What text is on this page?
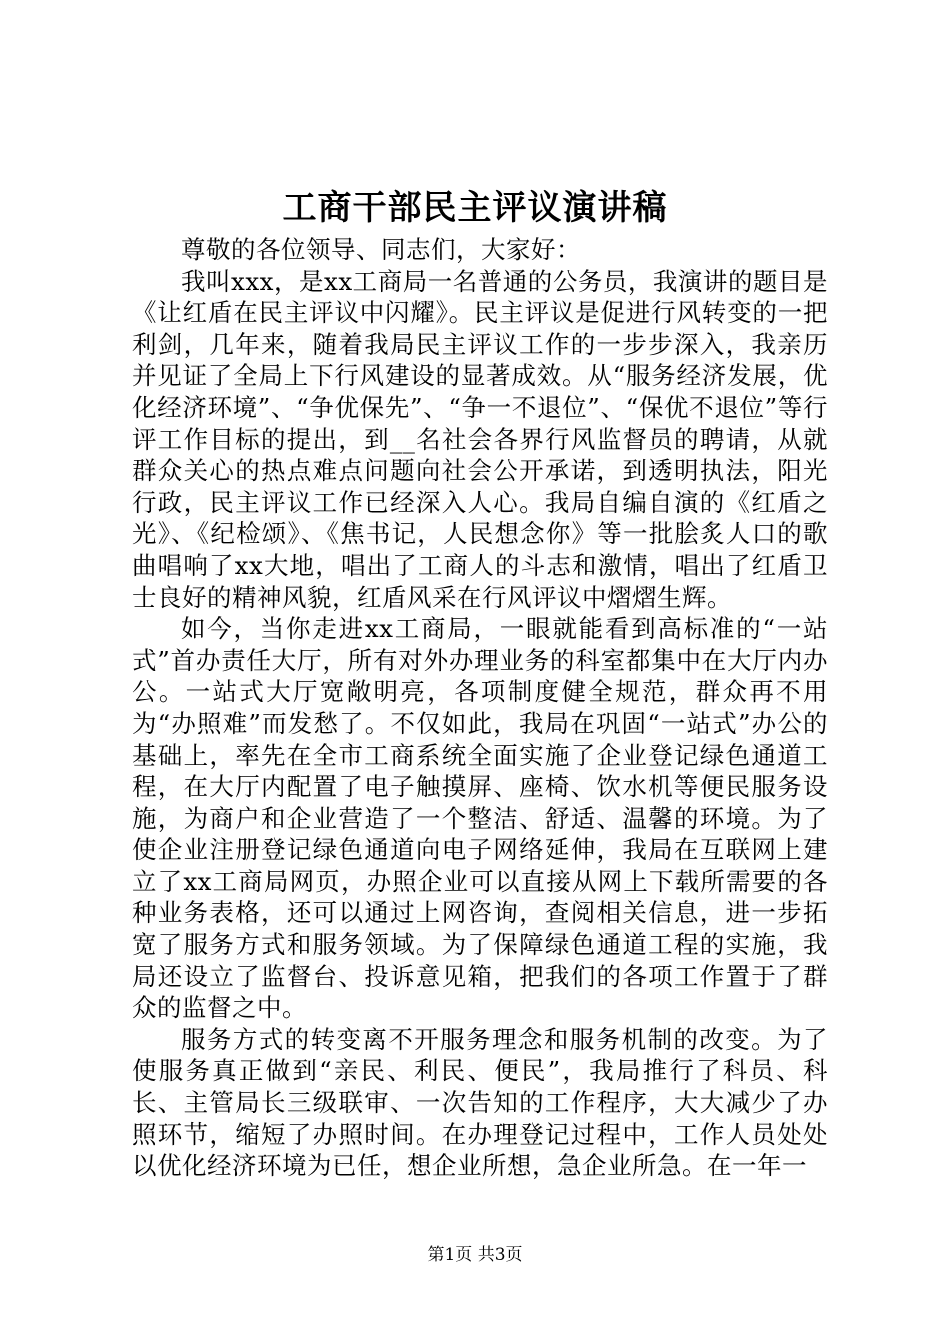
工商干部民主评议演讲稿

尊敬的各位领导、同志们，大家好：

我叫xxx，是xx工商局一名普通的公务员，我演讲的题目是《让红盾在民主评议中闪耀》。民主评议是促进行风转变的一把利剑，几年来，随着我局民主评议工作的一步步深入，我亲历并见证了全局上下行风建设的显著成效。从“服务经济发展，优化经济环境”、“争优保先”、“争一不退位”、“保优不退位”等行评工作目标的提出，到__名社会各界行风监督员的聘请，从就群众关心的热点难点问题向社会公开承诺，到透明执法，阳光行政，民主评议工作已经深入人心。我局自编自演的《红盾之光》、《纪检颂》、《焦书记，人民想念你》等一批脍炙人口的歌曲唱响了xx大地，唱出了工商人的斗志和激情，唱出了红盾卫士良好的精神风貌，红盾风采在行风评议中熠熠生辉。

如今，当你走进xx工商局，一眼就能看到高标准的“一站式”首办责任大厅，所有对外办理业务的科室都集中在大厅内办公。一站式大厅宽敞明亮，各项制度健全规范，群众再不用为“办照难”而发愁了。不仅如此，我局在巩固“一站式”办公的基础上，率先在全市工商系统全面实施了企业登记绿色通道工程，在大厅内配置了电子触摸屏、座椅、饮水机等便民服务设施，为商户和企业营造了一个整洁、舒适、温馨的环境。为了使企业注册登记绿色通道向电子网络延伸，我局在互联网上建立了xx工商局网页，办照企业可以直接从网上下载所需要的各种业务表格，还可以通过上网咨询，查阅相关信息，进一步拓宽了服务方式和服务领域。为了保障绿色通道工程的实施，我局还设立了监督台、投诉意见箱，把我们的各项工作置于了群众的监督之中。

服务方式的转变离不开服务理念和服务机制的改变。为了使服务真正做到“亲民、利民、便民”，我局推行了科员、科长、主管局长三级联审、一次告知的工作程序，大大减少了办照环节，缩短了办照时间。在办理登记过程中，工作人员处处以优化经济环境为已任，想企业所想，急企业所急。在一年一

第1页 共3页
